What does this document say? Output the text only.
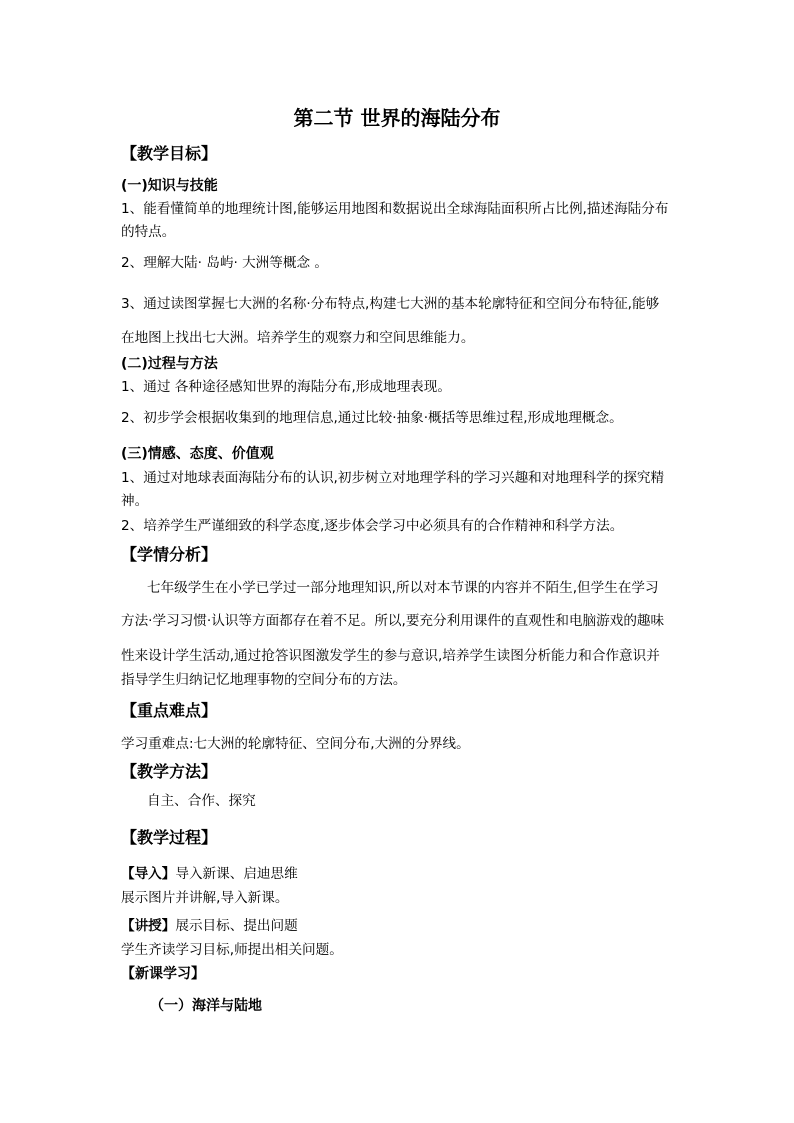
第二节 世界的海陆分布
【教学目标】
(一)知识与技能
1、能看懂简单的地理统计图,能够运用地图和数据说出全球海陆面积所占比例,描述海陆分布的特点。
2、理解大陆· 岛屿· 大洲等概念 。
3、通过读图掌握七大洲的名称·分布特点,构建七大洲的基本轮廓特征和空间分布特征,能够
在地图上找出七大洲。培养学生的观察力和空间思维能力。
(二)过程与方法
1、通过 各种途径感知世界的海陆分布,形成地理表现。
2、初步学会根据收集到的地理信息,通过比较·抽象·概括等思维过程,形成地理概念。
(三)情感、态度、价值观
1、通过对地球表面海陆分布的认识,初步树立对地理学科的学习兴趣和对地理科学的探究精神。
2、培养学生严谨细致的科学态度,逐步体会学习中必须具有的合作精神和科学方法。
【学情分析】
七年级学生在小学已学过一部分地理知识,所以对本节课的内容并不陌生,但学生在学习
方法·学习习惯·认识等方面都存在着不足。所以,要充分利用课件的直观性和电脑游戏的趣味
性来设计学生活动,通过抢答识图激发学生的参与意识,培养学生读图分析能力和合作意识并
指导学生归纳记忆地理事物的空间分布的方法。
【重点难点】
学习重难点:七大洲的轮廓特征、空间分布,大洲的分界线。
【教学方法】
自主、合作、探究
【教学过程】
【导入】导入新课、启迪思维
展示图片并讲解,导入新课。
【讲授】展示目标、提出问题
学生齐读学习目标,师提出相关问题。
【新课学习】
（一）海洋与陆地
